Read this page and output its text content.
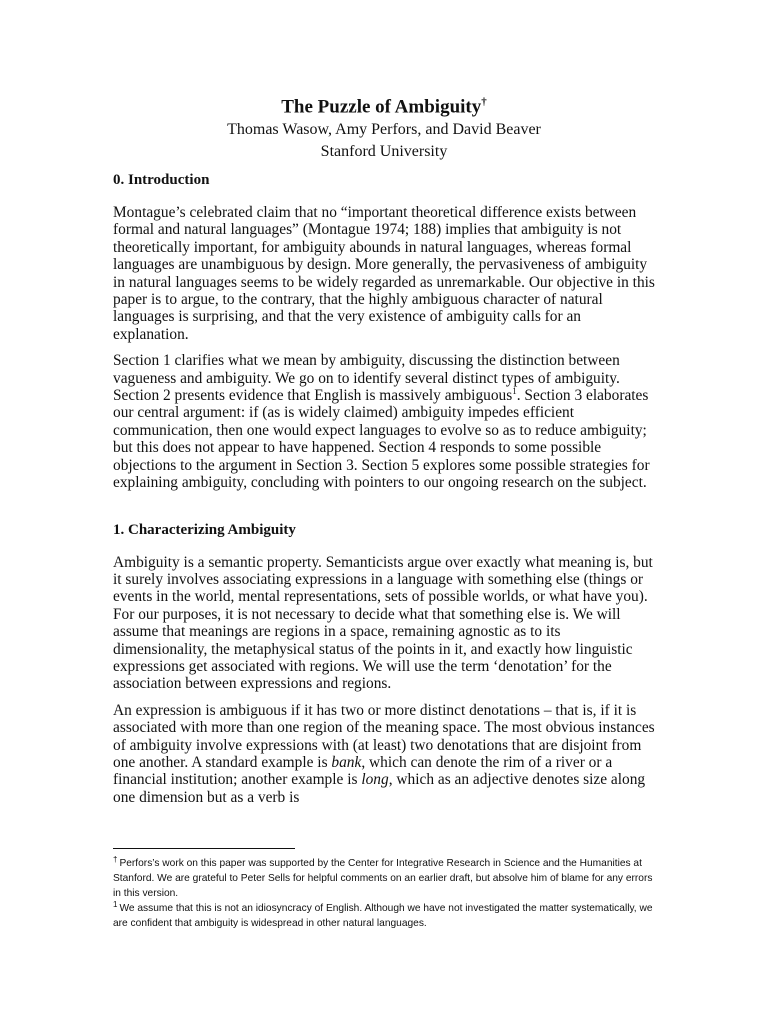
The Puzzle of Ambiguity†

Thomas Wasow, Amy Perfors, and David Beaver

Stanford University

0. Introduction

Montague’s celebrated claim that no “important theoretical difference exists between formal and natural languages” (Montague 1974; 188) implies that ambiguity is not theoretically important, for ambiguity abounds in natural languages, whereas formal languages are unambiguous by design. More generally, the pervasiveness of ambiguity in natural languages seems to be widely regarded as unremarkable. Our objective in this paper is to argue, to the contrary, that the highly ambiguous character of natural languages is surprising, and that the very existence of ambiguity calls for an explanation.

Section 1 clarifies what we mean by ambiguity, discussing the distinction between vagueness and ambiguity. We go on to identify several distinct types of ambiguity. Section 2 presents evidence that English is massively ambiguous$^1$. Section 3 elaborates our central argument: if (as is widely claimed) ambiguity impedes efficient communication, then one would expect languages to evolve so as to reduce ambiguity; but this does not appear to have happened. Section 4 responds to some possible objections to the argument in Section 3. Section 5 explores some possible strategies for explaining ambiguity, concluding with pointers to our ongoing research on the subject.

1. Characterizing Ambiguity

Ambiguity is a semantic property. Semanticists argue over exactly what meaning is, but it surely involves associating expressions in a language with something else (things or events in the world, mental representations, sets of possible worlds, or what have you). For our purposes, it is not necessary to decide what that something else is. We will assume that meanings are regions in a space, remaining agnostic as to its dimensionality, the metaphysical status of the points in it, and exactly how linguistic expressions get associated with regions. We will use the term ‘denotation’ for the association between expressions and regions.

An expression is ambiguous if it has two or more distinct denotations – that is, if it is associated with more than one region of the meaning space. The most obvious instances of ambiguity involve expressions with (at least) two denotations that are disjoint from one another. A standard example is bank, which can denote the rim of a river or a financial institution; another example is long, which as an adjective denotes size along one dimension but as a verb is

† Perfors’s work on this paper was supported by the Center for Integrative Research in Science and the Humanities at Stanford. We are grateful to Peter Sells for helpful comments on an earlier draft, but absolve him of blame for any errors in this version.
$^1$ We assume that this is not an idiosyncracy of English. Although we have not investigated the matter systematically, we are confident that ambiguity is widespread in other natural languages.
